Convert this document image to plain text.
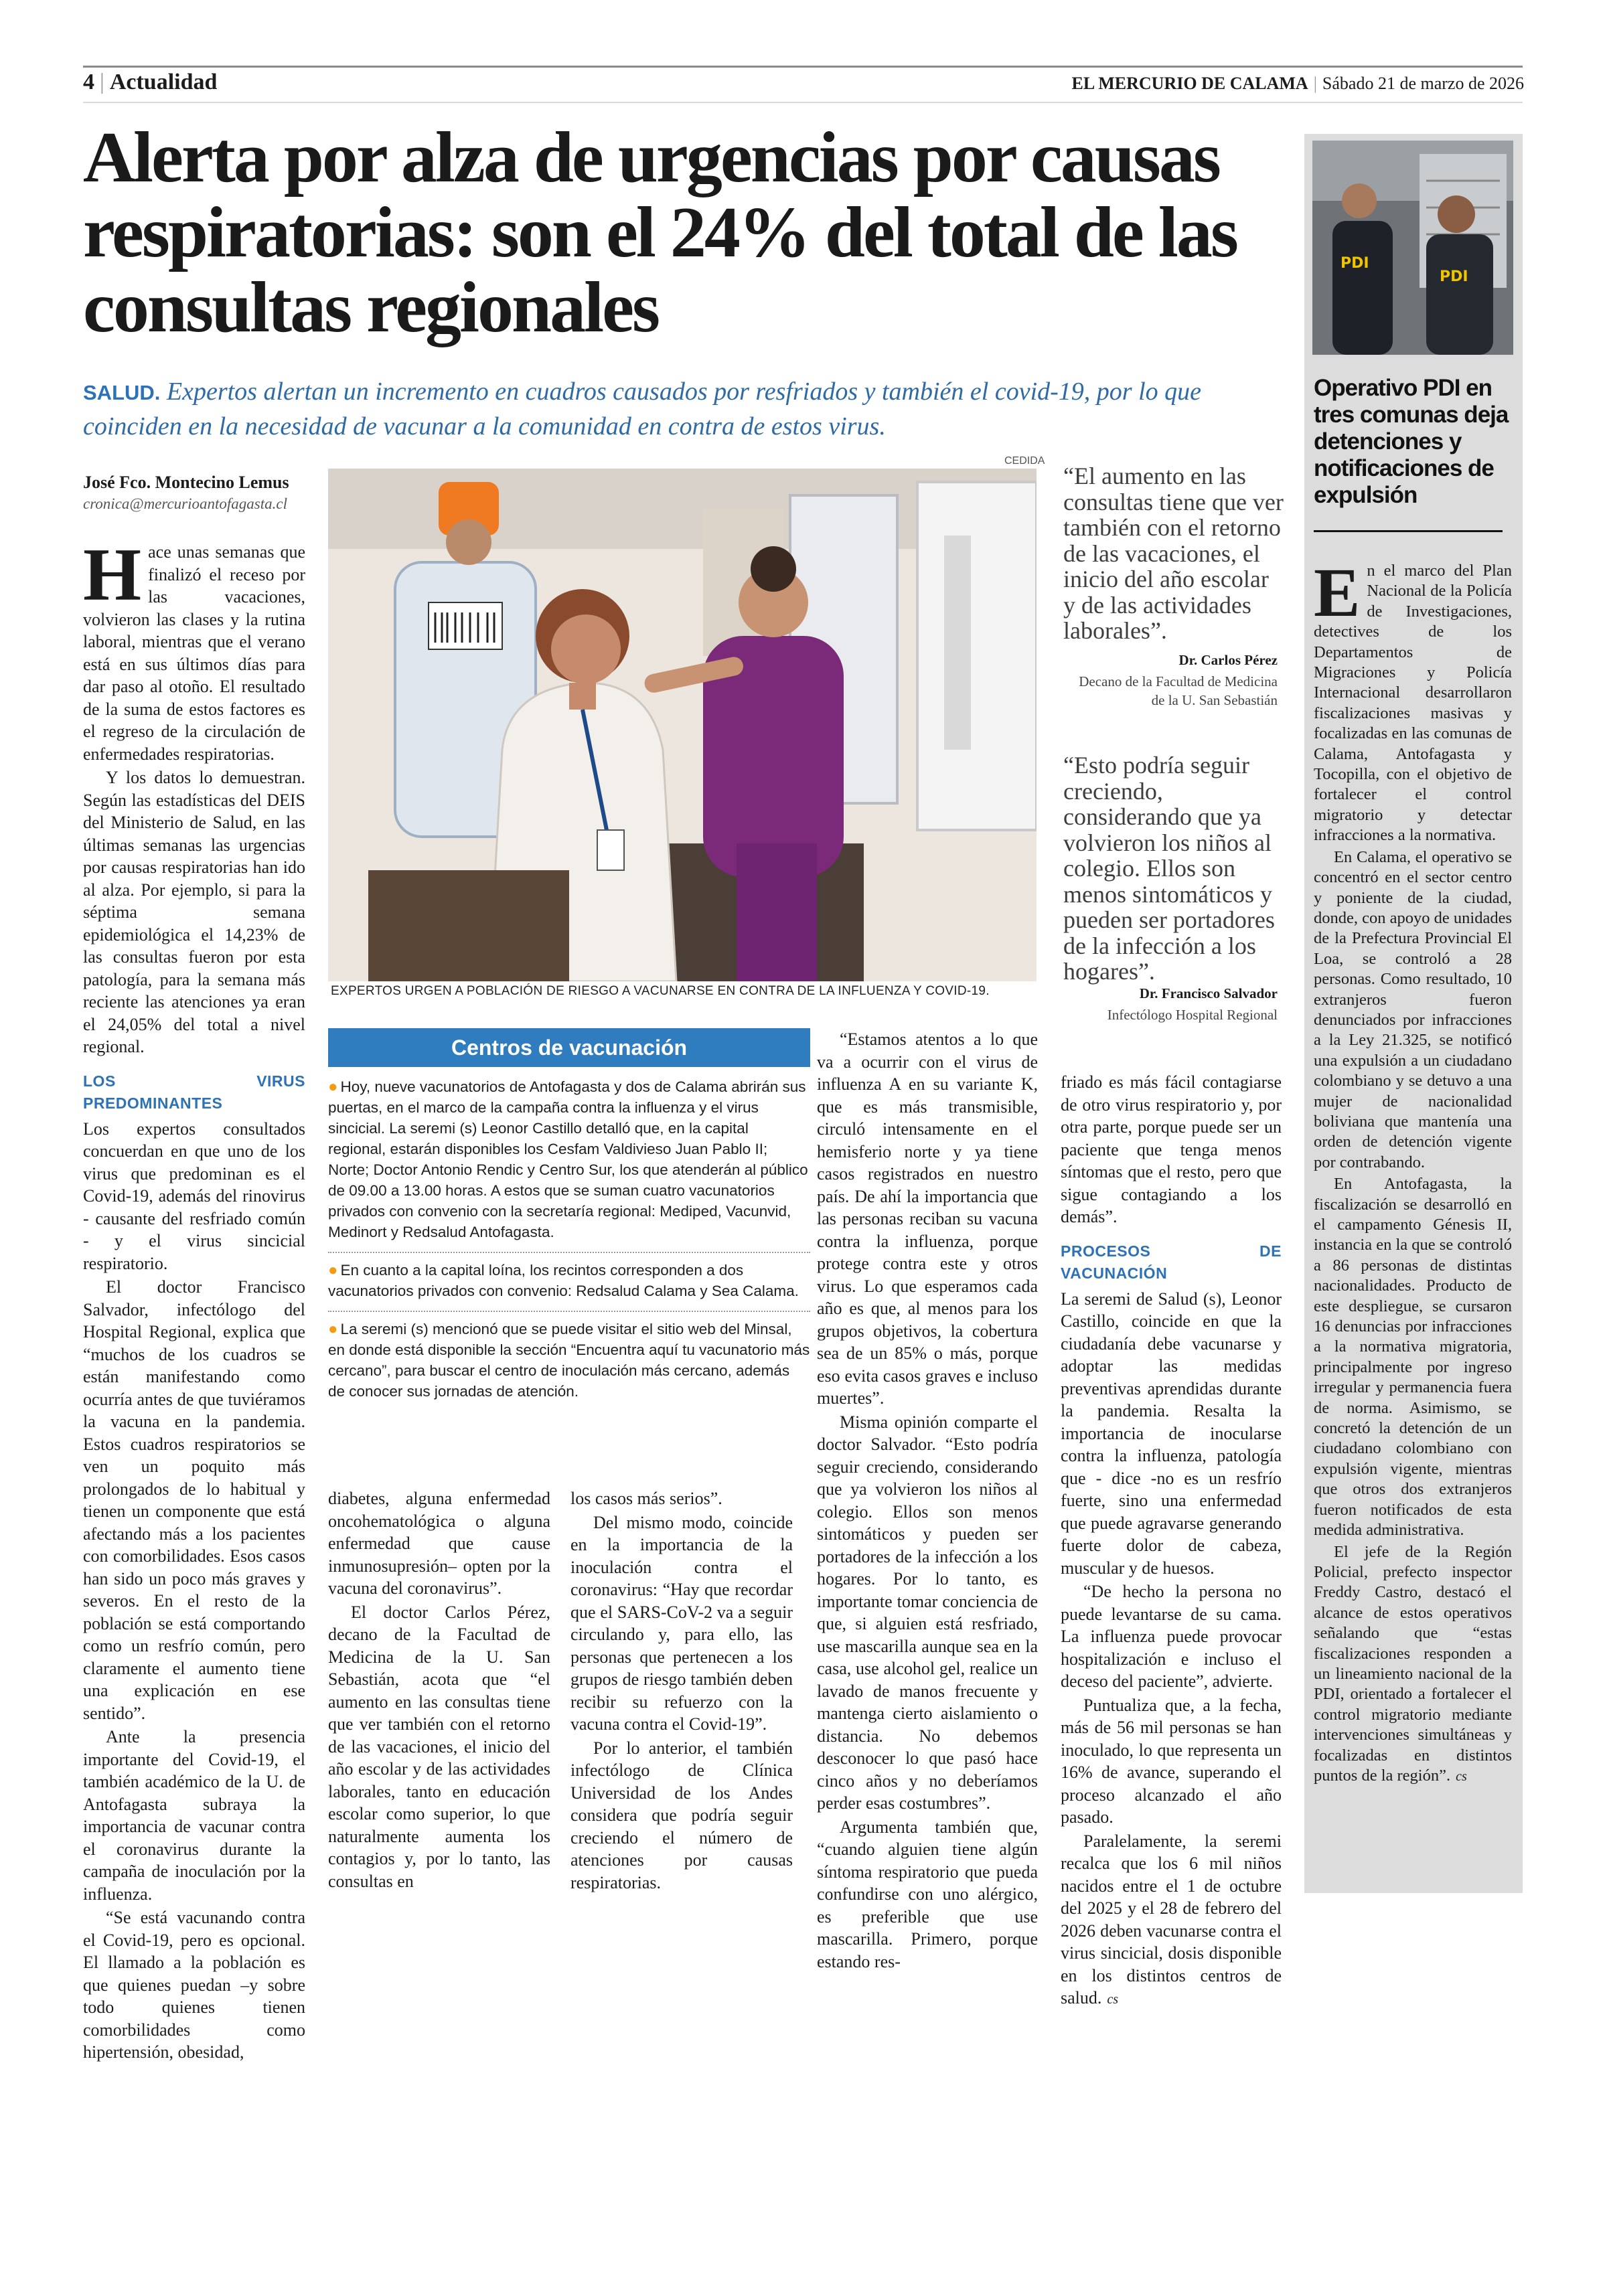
4 | Actualidad	EL MERCURIO DE CALAMA | Sábado 21 de marzo de 2026
Alerta por alza de urgencias por causas respiratorias: son el 24% del total de las consultas regionales
SALUD. Expertos alertan un incremento en cuadros causados por resfriados y también el covid-19, por lo que coinciden en la necesidad de vacunar a la comunidad en contra de estos virus.
José Fco. Montecino Lemus
cronica@mercurioantofagasta.cl

Hace unas semanas que finalizó el receso por las vacaciones, volvieron las clases y la rutina laboral, mientras que el verano está en sus últimos días para dar paso al otoño. El resultado de la suma de estos factores es el regreso de la circulación de enfermedades respiratorias.

Y los datos lo demuestran. Según las estadísticas del DEIS del Ministerio de Salud, en las últimas semanas las urgencias por causas respiratorias han ido al alza. Por ejemplo, si para la séptima semana epidemiológica el 14,23% de las consultas fueron por esta patología, para la semana más reciente las atenciones ya eran el 24,05% del total a nivel regional.

LOS VIRUS PREDOMINANTES

Los expertos consultados concuerdan en que uno de los virus que predominan es el Covid-19, además del rinovirus - causante del resfriado común - y el virus sincicial respiratorio.

El doctor Francisco Salvador, infectólogo del Hospital Regional, explica que “muchos de los cuadros se están manifestando como ocurría antes de que tuviéramos la vacuna en la pandemia. Estos cuadros respiratorios se ven un poquito más prolongados de lo habitual y tienen un componente que está afectando más a los pacientes con comorbilidades. Esos casos han sido un poco más graves y severos. En el resto de la población se está comportando como un resfrío común, pero claramente el aumento tiene una explicación en ese sentido”.

Ante la presencia importante del Covid-19, el también académico de la U. de Antofagasta subraya la importancia de vacunar contra el coronavirus durante la campaña de inoculación por la influenza.

“Se está vacunando contra el Covid-19, pero es opcional. El llamado a la población es que quienes puedan –y sobre todo quienes tienen comorbilidades como hipertensión, obesidad,

CEDIDA
EXPERTOS URGEN A POBLACIÓN DE RIESGO A VACUNARSE EN CONTRA DE LA INFLUENZA Y COVID-19.
“El aumento en las consultas tiene que ver también con el retorno de las vacaciones, el inicio del año escolar y de las actividades laborales”.
Dr. Carlos Pérez
Decano de la Facultad de Medicina de la U. San Sebastián
“Esto podría seguir creciendo, considerando que ya volvieron los niños al colegio. Ellos son menos sintomáticos y pueden ser portadores de la infección a los hogares”.
Dr. Francisco Salvador
Infectólogo Hospital Regional
Centros de vacunación
● Hoy, nueve vacunatorios de Antofagasta y dos de Calama abrirán sus puertas, en el marco de la campaña contra la influenza y el virus sincicial. La seremi (s) Leonor Castillo detalló que, en la capital regional, estarán disponibles los Cesfam Valdivieso Juan Pablo II; Norte; Doctor Antonio Rendic y Centro Sur, los que atenderán al público de 09.00 a 13.00 horas. A estos que se suman cuatro vacunatorios privados con convenio con la secretaría regional: Mediped, Vacunvid, Medinort y Redsalud Antofagasta.
● En cuanto a la capital loína, los recintos corresponden a dos vacunatorios privados con convenio: Redsalud Calama y Sea Calama.
● La seremi (s) mencionó que se puede visitar el sitio web del Minsal, en donde está disponible la sección “Encuentra aquí tu vacunatorio más cercano”, para buscar el centro de inoculación más cercano, además de conocer sus jornadas de atención.

diabetes, alguna enfermedad oncohematológica o alguna enfermedad que cause inmunosupresión– opten por la vacuna del coronavirus”.

El doctor Carlos Pérez, decano de la Facultad de Medicina de la U. San Sebastián, acota que “el aumento en las consultas tiene que ver también con el retorno de las vacaciones, el inicio del año escolar y de las actividades laborales, tanto en educación escolar como superior, lo que naturalmente aumenta los contagios y, por lo tanto, las consultas en

los casos más serios”.

Del mismo modo, coincide en la importancia de la inoculación contra el coronavirus: “Hay que recordar que el SARS-CoV-2 va a seguir circulando y, para ello, las personas que pertenecen a los grupos de riesgo también deben recibir su refuerzo con la vacuna contra el Covid-19”.

Por lo anterior, el también infectólogo de Clínica Universidad de los Andes considera que podría seguir creciendo el número de atenciones por causas respiratorias.

“Estamos atentos a lo que va a ocurrir con el virus de influenza A en su variante K, que es más transmisible, circuló intensamente en el hemisferio norte y ya tiene casos registrados en nuestro país. De ahí la importancia que las personas reciban su vacuna contra la influenza, porque protege contra este y otros virus. Lo que esperamos cada año es que, al menos para los grupos objetivos, la cobertura sea de un 85% o más, porque eso evita casos graves e incluso muertes”.

Misma opinión comparte el doctor Salvador. “Esto podría seguir creciendo, considerando que ya volvieron los niños al colegio. Ellos son menos sintomáticos y pueden ser portadores de la infección a los hogares. Por lo tanto, es importante tomar conciencia de que, si alguien está resfriado, use mascarilla aunque sea en la casa, use alcohol gel, realice un lavado de manos frecuente y mantenga cierto aislamiento o distancia. No debemos desconocer lo que pasó hace cinco años y no deberíamos perder esas costumbres”.

Argumenta también que, “cuando alguien tiene algún síntoma respiratorio que pueda confundirse con uno alérgico, es preferible que use mascarilla. Primero, porque estando res-

friado es más fácil contagiarse de otro virus respiratorio y, por otra parte, porque puede ser un paciente que tenga menos síntomas que el resto, pero que sigue contagiando a los demás”.

PROCESOS DE VACUNACIÓN

La seremi de Salud (s), Leonor Castillo, coincide en que la ciudadanía debe vacunarse y adoptar las medidas preventivas aprendidas durante la pandemia. Resalta la importancia de inocularse contra la influenza, patología que - dice -no es un resfrío fuerte, sino una enfermedad que puede agravarse generando fuerte dolor de cabeza, muscular y de huesos.

“De hecho la persona no puede levantarse de su cama. La influenza puede provocar hospitalización e incluso el deceso del paciente”, advierte.

Puntualiza que, a la fecha, más de 56 mil personas se han inoculado, lo que representa un 16% de avance, superando el proceso alcanzado el año pasado.

Paralelamente, la seremi recalca que los 6 mil niños nacidos entre el 1 de octubre del 2025 y el 28 de febrero del 2026 deben vacunarse contra el virus sincicial, dosis disponible en los distintos centros de salud. cs

PDI
PDI
Operativo PDI en tres comunas deja detenciones y notificaciones de expulsión

En el marco del Plan Nacional de la Policía de Investigaciones, detectives de los Departamentos de Migraciones y Policía Internacional desarrollaron fiscalizaciones masivas y focalizadas en las comunas de Calama, Antofagasta y Tocopilla, con el objetivo de fortalecer el control migratorio y detectar infracciones a la normativa.

En Calama, el operativo se concentró en el sector centro y poniente de la ciudad, donde, con apoyo de unidades de la Prefectura Provincial El Loa, se controló a 28 personas. Como resultado, 10 extranjeros fueron denunciados por infracciones a la Ley 21.325, se notificó una expulsión a un ciudadano colombiano y se detuvo a una mujer de nacionalidad boliviana que mantenía una orden de detención vigente por contrabando.

En Antofagasta, la fiscalización se desarrolló en el campamento Génesis II, instancia en la que se controló a 86 personas de distintas nacionalidades. Producto de este despliegue, se cursaron 16 denuncias por infracciones a la normativa migratoria, principalmente por ingreso irregular y permanencia fuera de norma. Asimismo, se concretó la detención de un ciudadano colombiano con expulsión vigente, mientras que otros dos extranjeros fueron notificados de esta medida administrativa.

El jefe de la Región Policial, prefecto inspector Freddy Castro, destacó el alcance de estos operativos señalando que “estas fiscalizaciones responden a un lineamiento nacional de la PDI, orientado a fortalecer el control migratorio mediante intervenciones simultáneas y focalizadas en distintos puntos de la región”. cs
